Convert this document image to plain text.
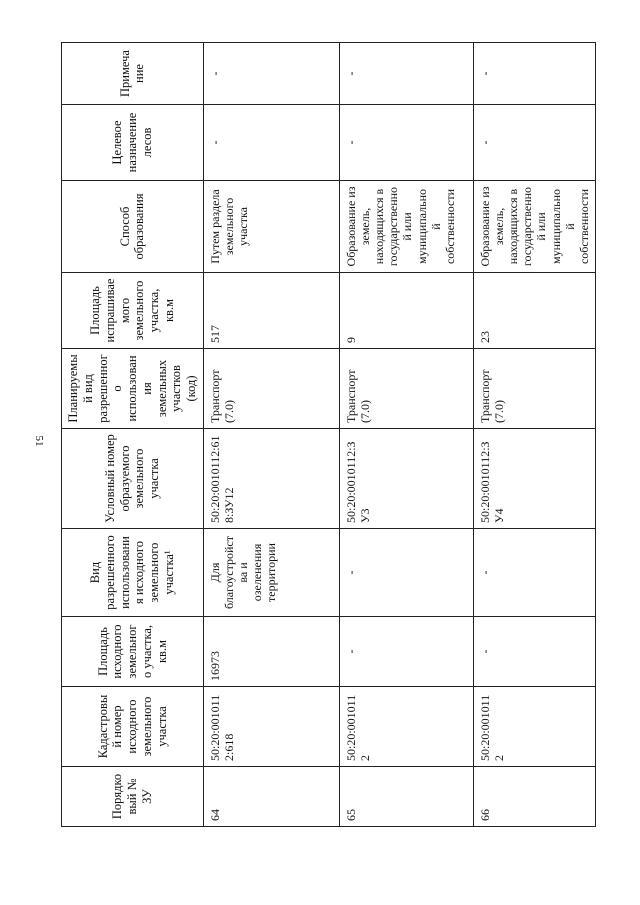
51
Порядковый № ЗУ	Кадастровый номер исходного земельного участка	Площадь исходного земельного участка, кв.м	Вид разрешенного использования исходного земельного участка¹	Условный номер образуемого земельного участка	Планируемый вид разрешенного использования земельных участков (код)	Площадь испрашиваемого земельного участка, кв.м	Способ образования	Целевое назначение лесов	Примечание
64	50:20:0010112:618	16973	Для благоустройства и озеленения территории	50:20:0010112:618:ЗУ12	Транспорт (7.0)	517	Путем раздела земельного участка	-	-
65	50:20:0010112	-	-	50:20:0010112:ЗУ3	Транспорт (7.0)	9	Образование из земель, находящихся в государственной или муниципальной собственности	-	-
66	50:20:0010112	-	-	50:20:0010112:ЗУ4	Транспорт (7.0)	23	Образование из земель, находящихся в государственной или муниципальной собственности	-	-
